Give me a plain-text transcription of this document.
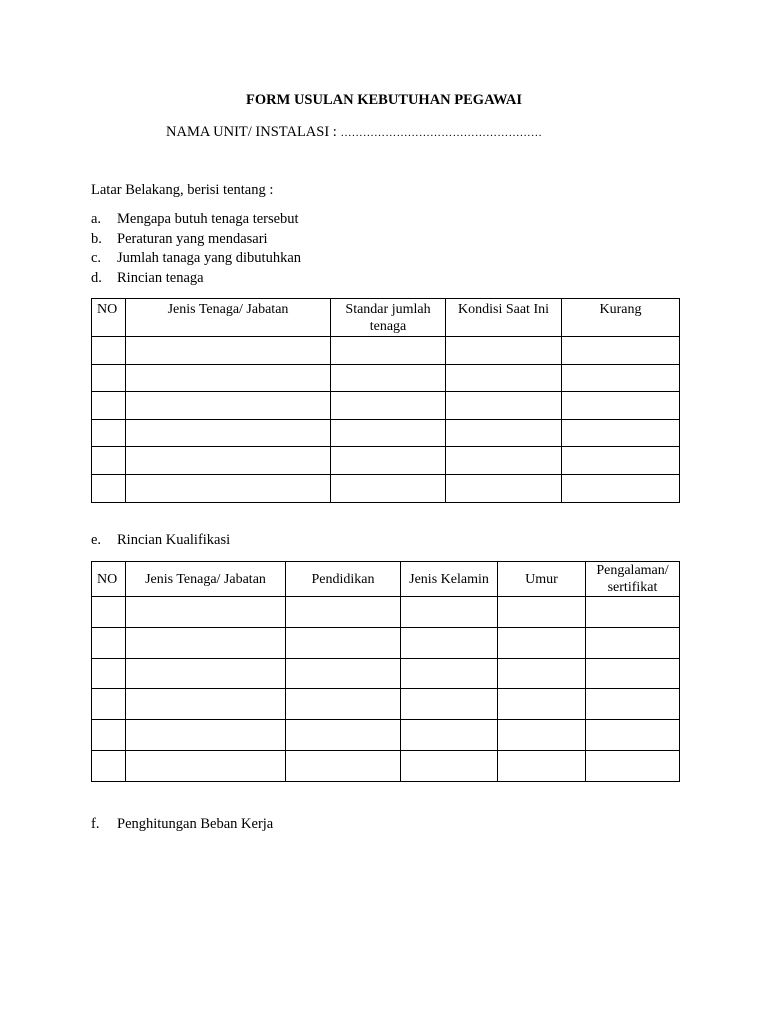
FORM USULAN KEBUTUHAN PEGAWAI
NAMA UNIT/ INSTALASI : ………………………………………………
Latar Belakang, berisi tentang :
a. Mengapa butuh tenaga tersebut
b. Peraturan yang mendasari
c. Jumlah tanaga yang dibutuhkan
d. Rincian tenaga
NO	Jenis Tenaga/ Jabatan	Standar jumlah tenaga	Kondisi Saat Ini	Kurang

e. Rincian Kualifikasi
NO	Jenis Tenaga/ Jabatan	Pendidikan	Jenis Kelamin	Umur	Pengalaman/ sertifikat

f. Penghitungan Beban Kerja
